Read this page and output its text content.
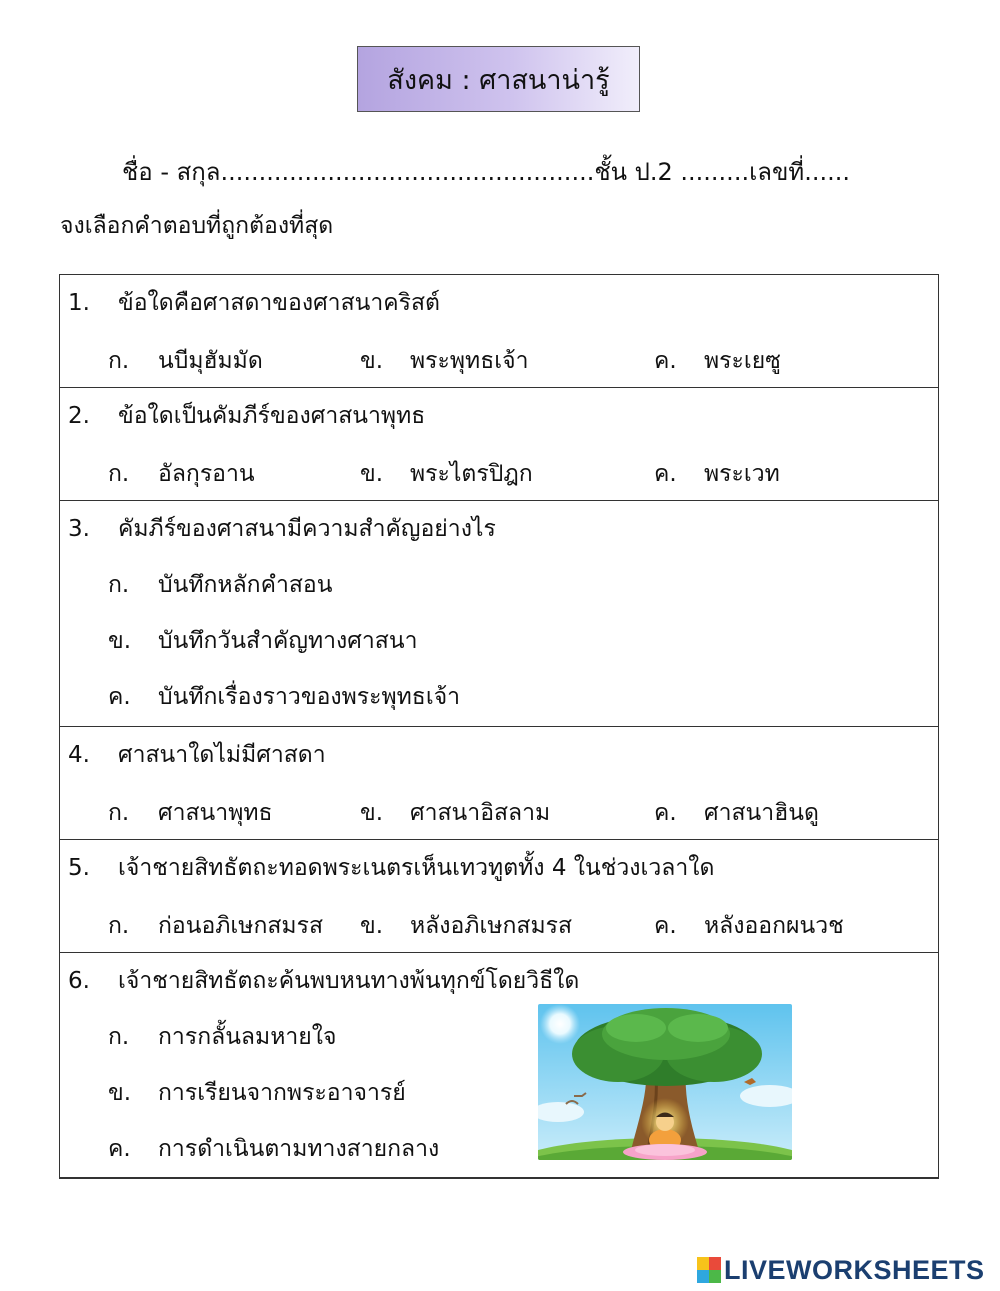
สังคม : ศาสนาน่ารู้
ชื่อ - สกุล.................................................ชั้น ป.2 .........เลขที่......
จงเลือกคำตอบที่ถูกต้องที่สุด
1. ข้อใดคือศาสดาของศาสนาคริสต์
ก. นบีมุฮัมมัด	ข. พระพุทธเจ้า	ค. พระเยซู
2. ข้อใดเป็นคัมภีร์ของศาสนาพุทธ
ก. อัลกุรอาน	ข. พระไตรปิฎก	ค. พระเวท
3. คัมภีร์ของศาสนามีความสำคัญอย่างไร
ก. บันทึกหลักคำสอน
ข. บันทึกวันสำคัญทางศาสนา
ค. บันทึกเรื่องราวของพระพุทธเจ้า
4. ศาสนาใดไม่มีศาสดา
ก. ศาสนาพุทธ	ข. ศาสนาอิสลาม	ค. ศาสนาฮินดู
5. เจ้าชายสิทธัตถะทอดพระเนตรเห็นเทวทูตทั้ง 4 ในช่วงเวลาใด
ก. ก่อนอภิเษกสมรส ข. หลังอภิเษกสมรส	ค. หลังออกผนวช
6. เจ้าชายสิทธัตถะค้นพบหนทางพ้นทุกข์โดยวิธีใด
ก. การกลั้นลมหายใจ
ข. การเรียนจากพระอาจารย์
ค. การดำเนินตามทางสายกลาง
LIVEWORKSHEETS
